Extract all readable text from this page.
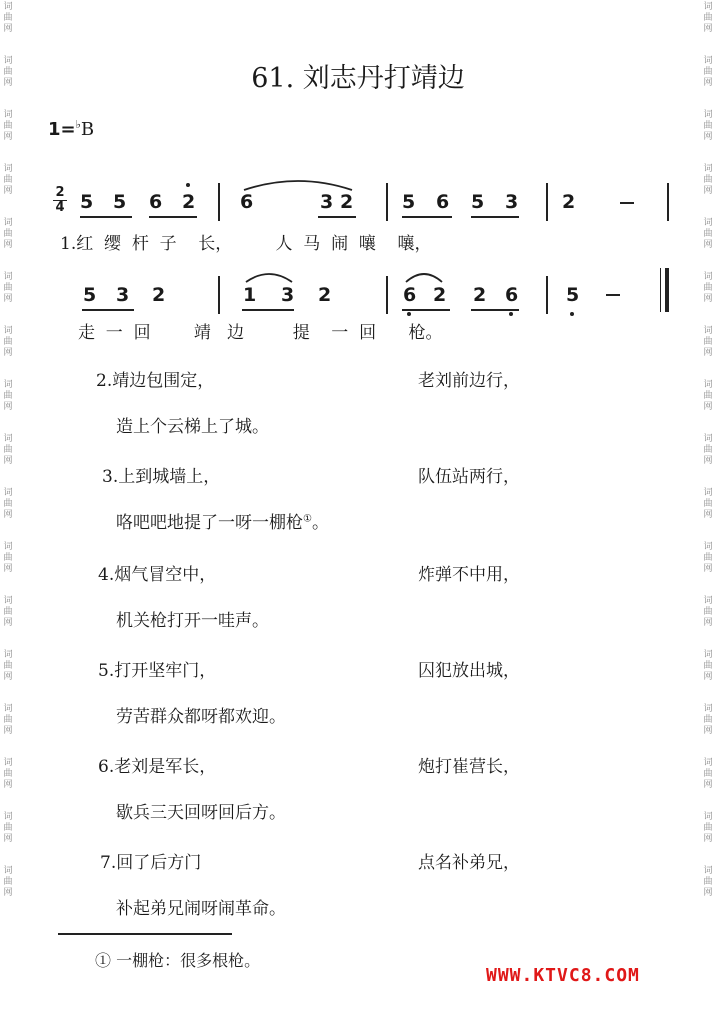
词
曲
网
词
曲
网
词
曲
网
词
曲
网
词
曲
网
词
曲
网
词
曲
网
词
曲
网
词
曲
网
词
曲
网
词
曲
网
词
曲
网
词
曲
网
词
曲
网
词
曲
网
词
曲
网
词
曲
网
词
曲
网
词
曲
网
词
曲
网
词
曲
网
词
曲
网
词
曲
网
词
曲
网
词
曲
网
词
曲
网
词
曲
网
词
曲
网
词
曲
网
词
曲
网
词
曲
网
词
曲
网
词
曲
网
词
曲
网
61. 刘志丹打靖边
1=♭B
2
4 5 5 6 2 6	3 2	5 6 5 3 2
1.红  缨  杆  子    长，        人  马  闹  嚷    嚷，
5 3 2	1 3 2	6 2 2 6	5
走  一  回        靖   边         提    一  回      枪。
2.靖边包围定，	老刘前边行，
造上个云梯上了城。
3.上到城墙上，	队伍站两行，
咯吧吧地提了一呀一棚枪①。
4.烟气冒空中，	炸弹不中用，
机关枪打开一哇声。
5.打开坚牢门，	囚犯放出城，
劳苦群众都呀都欢迎。
6.老刘是军长，	炮打崔营长，
歇兵三天回呀回后方。
7.回了后方门	点名补弟兄，
补起弟兄闹呀闹革命。
① 一棚枪：很多根枪。
WWW.KTVC8.COM
